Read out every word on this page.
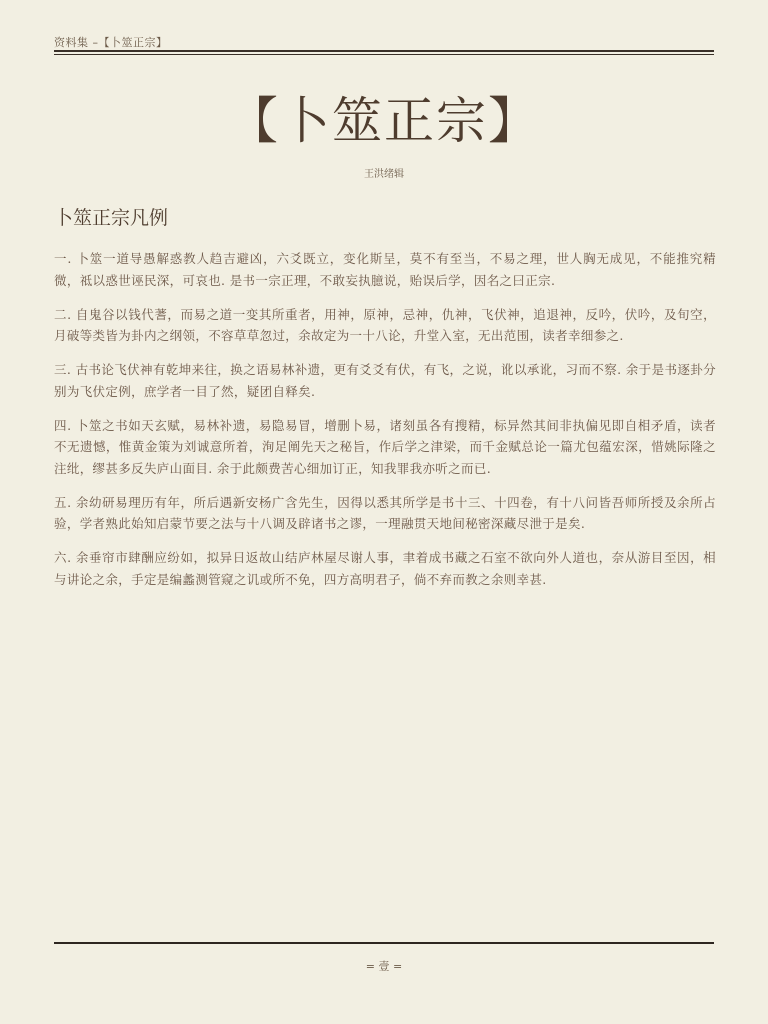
资料集 –【卜筮正宗】
【卜筮正宗】
王洪绪辑
卜筮正宗凡例

一. 卜筮一道导愚解惑教人趋吉避凶，六爻既立，变化斯呈，莫不有至当，不易之理，世人胸无成见，不能推究精微，祗以惑世诬民深，可哀也. 是书一宗正理，不敢妄执臆说，贻误后学，因名之曰正宗.

二. 自鬼谷以钱代蓍，而易之道一变其所重者，用神，原神，忌神，仇神，飞伏神，追退神，反吟，伏吟，及旬空，月破等类皆为卦内之纲领，不容草草忽过，余故定为一十八论，升堂入室，无出范围，读者幸细参之.

三. 古书论飞伏神有乾坤来往，换之语易林补遗，更有爻爻有伏，有飞，之说，讹以承讹，习而不察. 余于是书逐卦分别为飞伏定例，庶学者一目了然，疑团自释矣.

四. 卜筮之书如天玄赋，易林补遗，易隐易冒，增删卜易，诸刻虽各有搜精，标异然其间非执偏见即自相矛盾，读者不无遗憾，惟黄金策为刘诚意所着，洵足阐先天之秘旨，作后学之津梁，而千金赋总论一篇尤包蕴宏深，惜姚际隆之注纰，缪甚多反失庐山面目. 余于此颇费苦心细加订正，知我罪我亦听之而已.

五. 余幼研易理历有年，所后遇新安杨广含先生，因得以悉其所学是书十三、十四卷，有十八问皆吾师所授及余所占验，学者熟此始知启蒙节要之法与十八调及辟诸书之谬，一理融贯天地间秘密深藏尽泄于是矣.

六. 余垂帘市肆酬应纷如，拟异日返故山结庐林屋尽谢人事，聿着成书藏之石室不欲向外人道也，奈从游目至因，相与讲论之余，手定是编蠡测管窥之讥或所不免，四方高明君子，倘不弃而教之余则幸甚.

= 壹 =
